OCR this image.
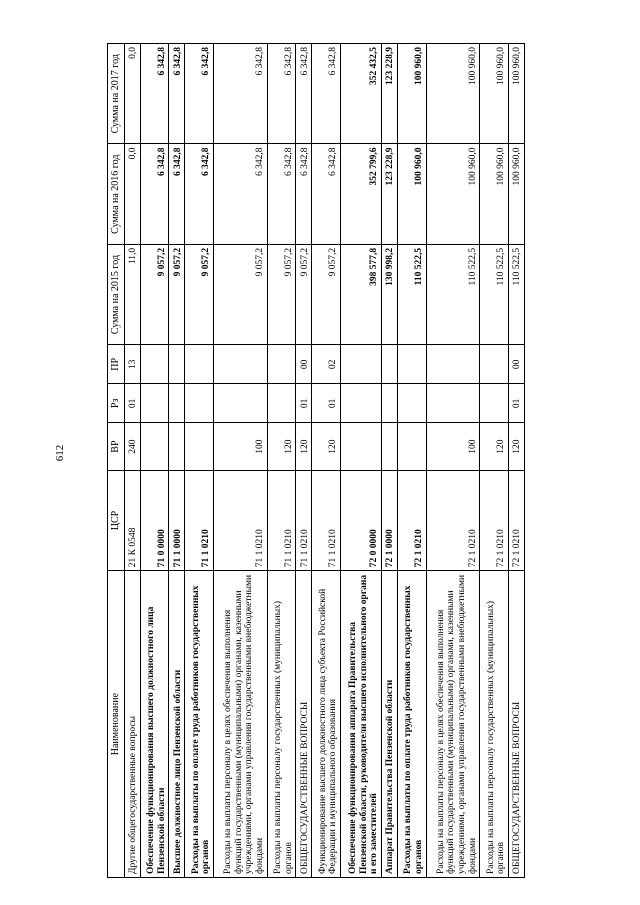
612
Наименование	ЦСР	ВР	Рз	ПР	Сумма на 2015 год	Сумма на 2016 год	Сумма на 2017 год
Другие общегосударственные вопросы	21 К 0548	240	01	13	11,0	0,0	0,0
Обеспечение функционирования высшего должностного лица Пензенской области	71 0 0000				9 057,2	6 342,8	6 342,8
Высшее должностное лицо Пензенской области	71 1 0000				9 057,2	6 342,8	6 342,8
Расходы на выплаты по оплате труда работников государственных органов	71 1 0210				9 057,2	6 342,8	6 342,8
Расходы на выплаты персоналу в целях обеспечения выполнения функций государственными (муниципальными) органами, казенными учреждениями, органами управления государственными внебюджетными фондами	71 1 0210	100			9 057,2	6 342,8	6 342,8
Расходы на выплаты персоналу государственных (муниципальных) органов	71 1 0210	120			9 057,2	6 342,8	6 342,8
ОБЩЕГОСУДАРСТВЕННЫЕ ВОПРОСЫ	71 1 0210	120	01	00	9 057,2	6 342,8	6 342,8
Функционирование высшего должностного лица субъекта Российской Федерации и муниципального образования	71 1 0210	120	01	02	9 057,2	6 342,8	6 342,8
Обеспечение функционирования аппарата Правительства Пензенской области, руководители высшего исполнительного органа и его заместителей	72 0 0000				398 577,8	352 799,6	352 432,5
Аппарат Правительства Пензенской области	72 1 0000				130 998,2	123 228,9	123 228,9
Расходы на выплаты по оплате труда работников государственных органов	72 1 0210				110 522,5	100 960,0	100 960,0
Расходы на выплаты персоналу в целях обеспечения выполнения функций государственными (муниципальными) органами, казенными учреждениями, органами управления государственными внебюджетными фондами	72 1 0210	100			110 522,5	100 960,0	100 960,0
Расходы на выплаты персоналу государственных (муниципальных) органов	72 1 0210	120			110 522,5	100 960,0	100 960,0
ОБЩЕГОСУДАРСТВЕННЫЕ ВОПРОСЫ	72 1 0210	120	01	00	110 522,5	100 960,0	100 960,0
